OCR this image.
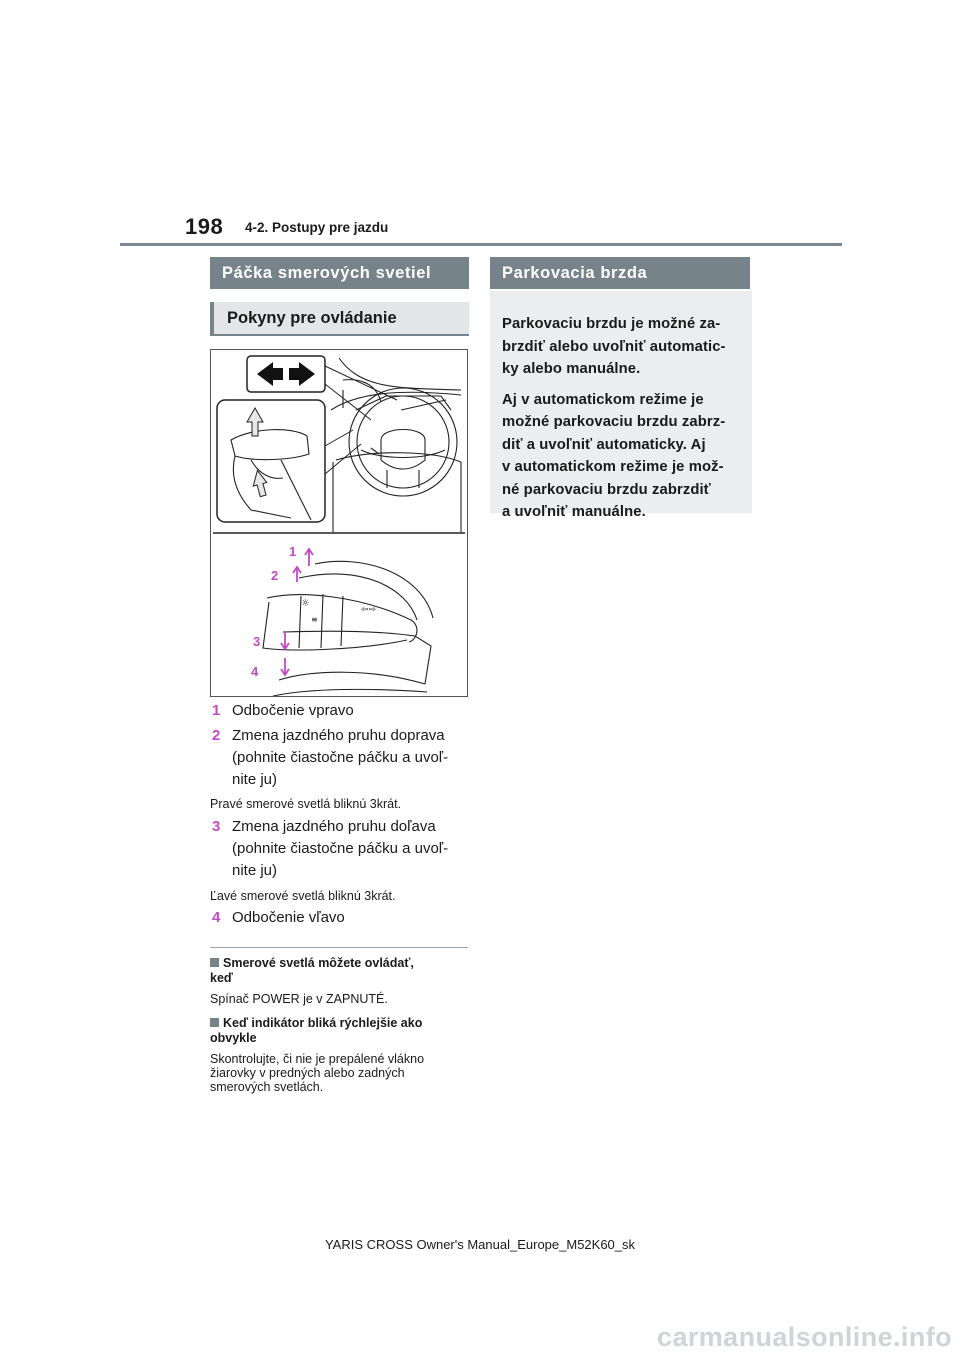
198 4-2. Postupy pre jazdu
Páčka smerových svetiel
Pokyny pre ovládanie
☼
⇦⇨
≡
1
2
3
4
1 Odbočenie vpravo
2 Zmena jazdného pruhu doprava
(pohnite čiastočne páčku a uvoľ-
nite ju)
Pravé smerové svetlá bliknú 3krát.
3 Zmena jazdného pruhu doľava
(pohnite čiastočne páčku a uvoľ-
nite ju)
Ľavé smerové svetlá bliknú 3krát.
4 Odbočenie vľavo
Smerové svetlá môžete ovládať,
keď
Spínač POWER je v ZAPNUTÉ.
Keď indikátor bliká rýchlejšie ako
obvykle
Skontrolujte, či nie je prepálené vlákno
žiarovky v predných alebo zadných
smerových svetlách.
Parkovacia brzda

Parkovaciu brzdu je možné za-
brzdiť alebo uvoľniť automatic-
ky alebo manuálne.

Aj v automatickom režime je
možné parkovaciu brzdu zabrz-
diť a uvoľniť automaticky. Aj
v automatickom režime je mož-
né parkovaciu brzdu zabrzdiť
a uvoľniť manuálne.

YARIS CROSS Owner's Manual_Europe_M52K60_sk
carmanualsonline.info
